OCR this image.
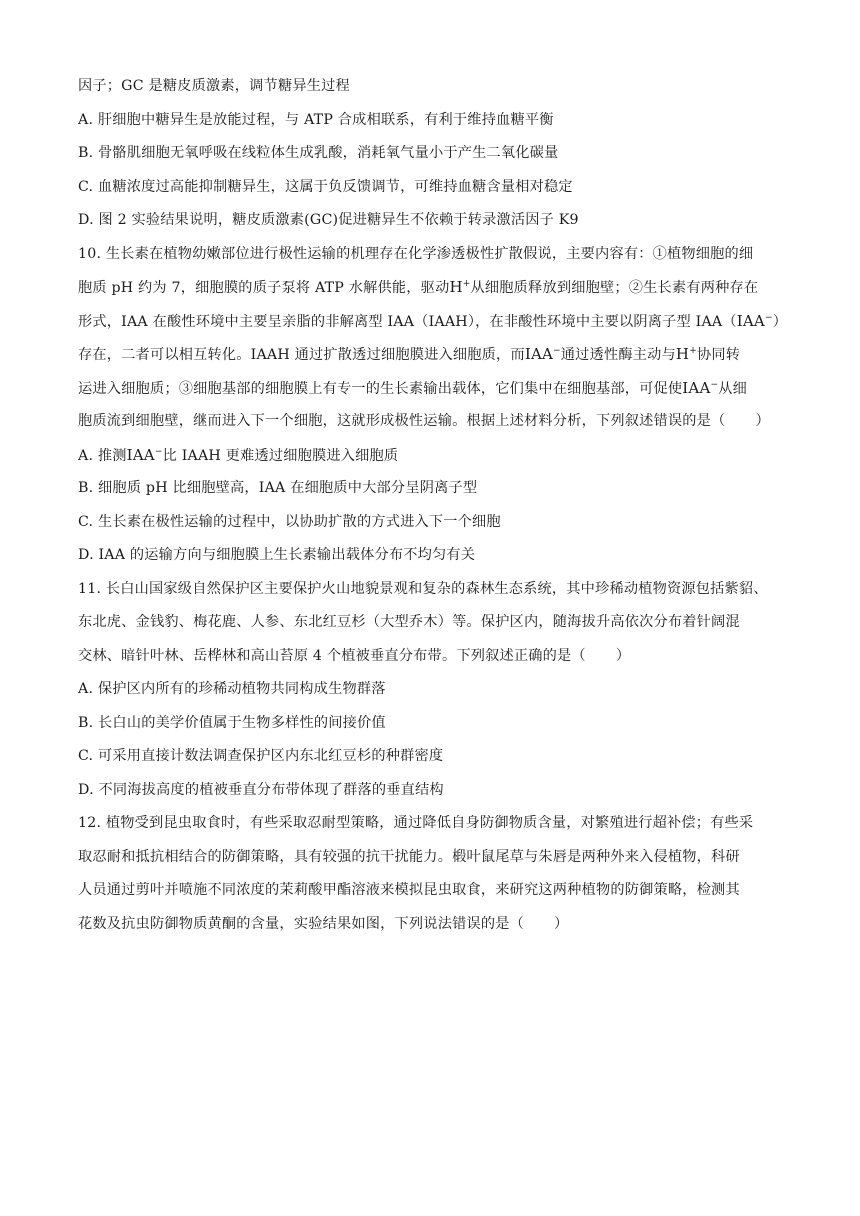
因子；GC 是糖皮质激素，调节糖异生过程
A. 肝细胞中糖异生是放能过程，与 ATP 合成相联系，有利于维持血糖平衡
B. 骨骼肌细胞无氧呼吸在线粒体生成乳酸，消耗氧气量小于产生二氧化碳量
C. 血糖浓度过高能抑制糖异生，这属于负反馈调节，可维持血糖含量相对稳定
D. 图 2 实验结果说明，糖皮质激素(GC)促进糖异生不依赖于转录激活因子 K9
10. 生长素在植物幼嫩部位进行极性运输的机理存在化学渗透极性扩散假说，主要内容有：①植物细胞的细
胞质 pH 约为 7，细胞膜的质子泵将 ATP 水解供能，驱动H+从细胞质释放到细胞壁；②生长素有两种存在
形式，IAA 在酸性环境中主要呈亲脂的非解离型 IAA（IAAH），在非酸性环境中主要以阴离子型 IAA（IAA−）
存在，二者可以相互转化。IAAH 通过扩散透过细胞膜进入细胞质，而IAA−通过透性酶主动与H+协同转
运进入细胞质；③细胞基部的细胞膜上有专一的生长素输出载体，它们集中在细胞基部，可促使IAA−从细
胞质流到细胞壁，继而进入下一个细胞，这就形成极性运输。根据上述材料分析，下列叙述错误的是（ ）
A. 推测IAA−比 IAAH 更难透过细胞膜进入细胞质
B. 细胞质 pH 比细胞壁高，IAA 在细胞质中大部分呈阴离子型
C. 生长素在极性运输的过程中，以协助扩散的方式进入下一个细胞
D. IAA 的运输方向与细胞膜上生长素输出载体分布不均匀有关
11. 长白山国家级自然保护区主要保护火山地貌景观和复杂的森林生态系统，其中珍稀动植物资源包括紫貂、
东北虎、金钱豹、梅花鹿、人参、东北红豆杉（大型乔木）等。保护区内，随海拔升高依次分布着针阔混
交林、暗针叶林、岳桦林和高山苔原 4 个植被垂直分布带。下列叙述正确的是（ ）
A. 保护区内所有的珍稀动植物共同构成生物群落
B. 长白山的美学价值属于生物多样性的间接价值
C. 可采用直接计数法调查保护区内东北红豆杉的种群密度
D. 不同海拔高度的植被垂直分布带体现了群落的垂直结构
12. 植物受到昆虫取食时，有些采取忍耐型策略，通过降低自身防御物质含量，对繁殖进行超补偿；有些采
取忍耐和抵抗相结合的防御策略，具有较强的抗干扰能力。椴叶鼠尾草与朱唇是两种外来入侵植物，科研
人员通过剪叶并喷施不同浓度的茉莉酸甲酯溶液来模拟昆虫取食，来研究这两种植物的防御策略，检测其
花数及抗虫防御物质黄酮的含量，实验结果如图，下列说法错误的是（ ）
